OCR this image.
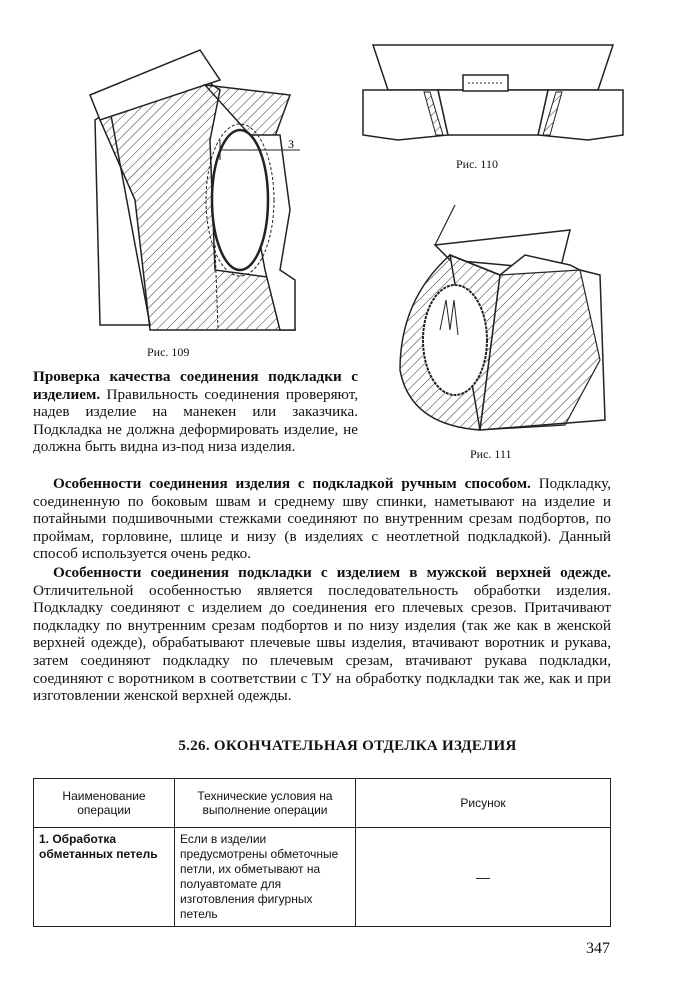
3
Рис. 109
Рис. 110
Рис. 111
Проверка качества соединения подкладки с изделием. Правильность соединения проверяют, надев изделие на манекен или заказчика. Подкладка не должна деформировать изделие, не должна быть видна из-под низа изделия.
Особенности соединения изделия с подкладкой ручным способом. Подкладку, соединенную по боковым швам и среднему шву спинки, наметывают на изделие и потайными подшивочными стежками соединяют по внутренним срезам подбортов, по проймам, горловине, шлице и низу (в изделиях с неотлетной подкладкой). Данный способ используется очень редко.
Особенности соединения подкладки с изделием в мужской верхней одежде. Отличительной особенностью является последовательность обработки изделия. Подкладку соединяют с изделием до соединения его плечевых срезов. Притачивают подкладку по внутренним срезам подбортов и по низу изделия (так же как в женской верхней одежде), обрабатывают плечевые швы изделия, втачивают воротник и рукава, затем соединяют подкладку по плечевым срезам, втачивают рукава подкладки, соединяют с воротником в соответствии с ТУ на обработку подкладки так же, как и при изготовлении женской верхней одежды.
5.26. ОКОНЧАТЕЛЬНАЯ ОТДЕЛКА ИЗДЕЛИЯ
Наименование операции	Технические условия на выполнение операции	Рисунок
1. Обработка обметанных петель	Если в изделии предусмотрены обметочные петли, их обметывают на полуавтомате для изготовления фигурных петель	—
347
